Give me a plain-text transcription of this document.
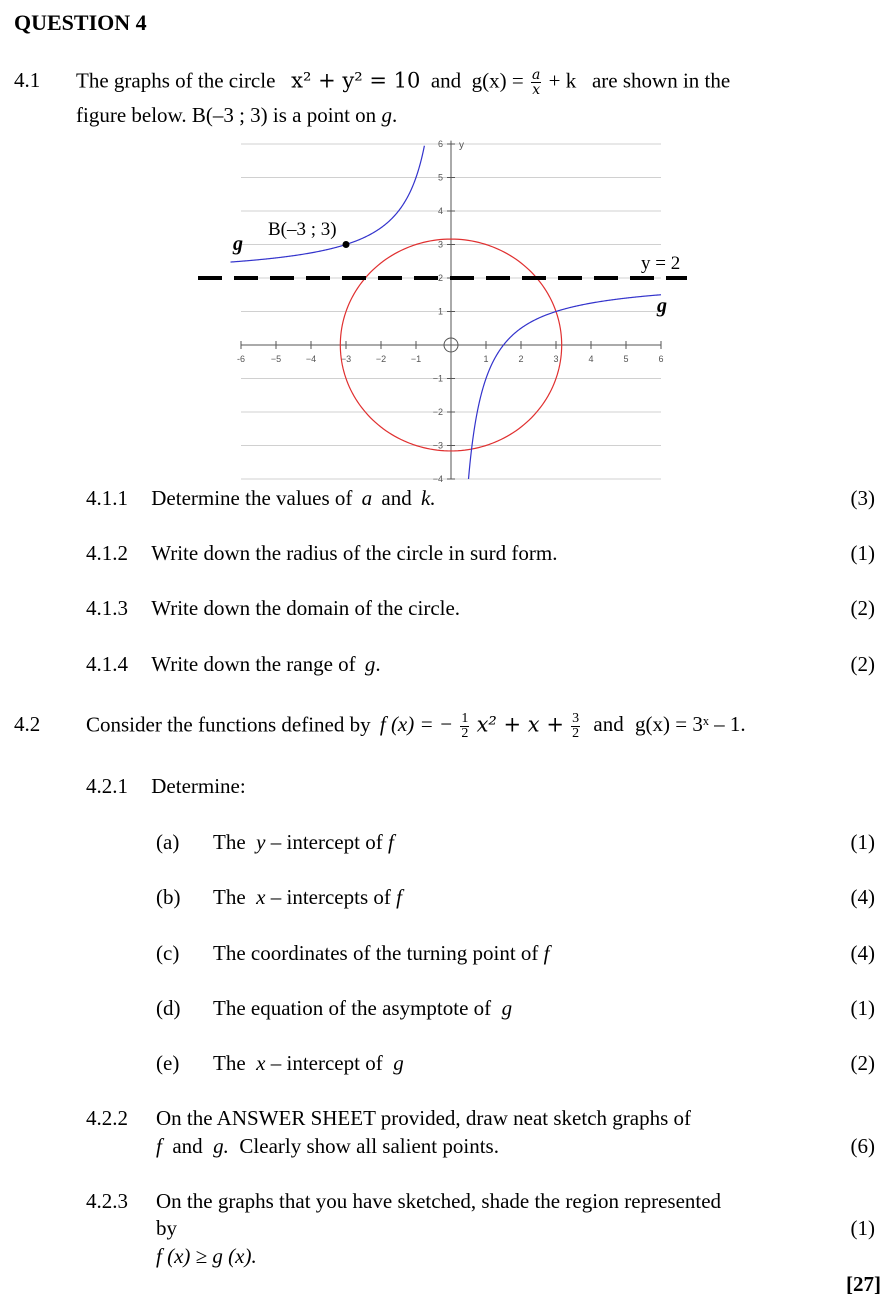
QUESTION 4
4.1 The graphs of the circle x² + y² = 10 and $g(x) = \frac{a}{x} + k$ are shown in the
figure below. B(–3 ; 3) is a point on g.
-6	−5	−4	−3	−2	−1	1	2	3	4	5	6
6
5
4
3
2
1
−1
−2
−3
−4
y
B(–3 ; 3)
y = 2
g
g
4.1.1 Determine the values of a and k.	(3)
4.1.2 Write down the radius of the circle in surd form.	(1)
4.1.3 Write down the domain of the circle.	(2)
4.1.4 Write down the range of g.	(2)
4.2 Consider the functions defined by f (x) = − $\frac{1}{2} x^2 + x + \frac{3}{2}$ and g(x) = 3ˣ – 1.
4.2.1 Determine:
(a) The y – intercept of f	(1)
(b) The x – intercepts of f	(4)
(c) The coordinates of the turning point of f	(4)
(d) The equation of the asymptote of g	(1)
(e) The x – intercept of g	(2)
4.2.2 On the ANSWER SHEET provided, draw neat sketch graphs of
f and g. Clearly show all salient points.	(6)
4.2.3 On the graphs that you have sketched, shade the region represented
by
f (x) ≥ g (x).
(1)
[27]
